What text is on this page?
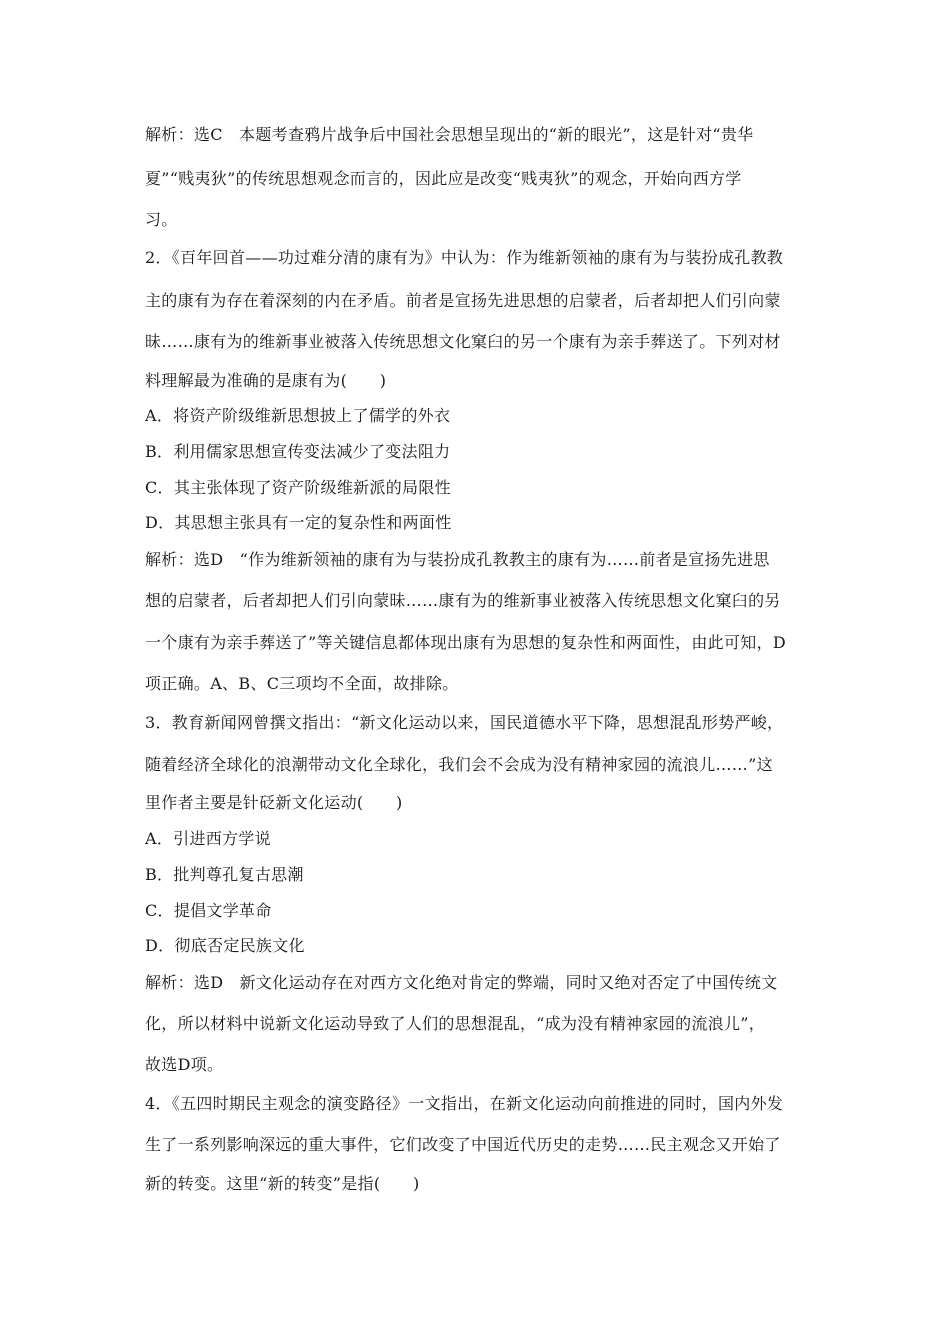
解析：选C　本题考查鸦片战争后中国社会思想呈现出的“新的眼光”，这是针对“贵华
夏”“贱夷狄”的传统思想观念而言的，因此应是改变“贱夷狄”的观念，开始向西方学
习。
2．《百年回首——功过难分清的康有为》中认为：作为维新领袖的康有为与装扮成孔教教
主的康有为存在着深刻的内在矛盾。前者是宣扬先进思想的启蒙者，后者却把人们引向蒙
昧……康有为的维新事业被落入传统思想文化窠臼的另一个康有为亲手葬送了。下列对材
料理解最为准确的是康有为(　　)
A．将资产阶级维新思想披上了儒学的外衣
B．利用儒家思想宣传变法减少了变法阻力
C．其主张体现了资产阶级维新派的局限性
D．其思想主张具有一定的复杂性和两面性
解析：选D　“作为维新领袖的康有为与装扮成孔教教主的康有为……前者是宣扬先进思
想的启蒙者，后者却把人们引向蒙昧……康有为的维新事业被落入传统思想文化窠臼的另
一个康有为亲手葬送了”等关键信息都体现出康有为思想的复杂性和两面性，由此可知，D
项正确。A、B、C三项均不全面，故排除。
3．教育新闻网曾撰文指出：“新文化运动以来，国民道德水平下降，思想混乱形势严峻，
随着经济全球化的浪潮带动文化全球化，我们会不会成为没有精神家园的流浪儿……”这
里作者主要是针砭新文化运动(　　)
A．引进西方学说
B．批判尊孔复古思潮
C．提倡文学革命
D．彻底否定民族文化
解析：选D　新文化运动存在对西方文化绝对肯定的弊端，同时又绝对否定了中国传统文
化，所以材料中说新文化运动导致了人们的思想混乱，“成为没有精神家园的流浪儿”，
故选D项。
4．《五四时期民主观念的演变路径》一文指出，在新文化运动向前推进的同时，国内外发
生了一系列影响深远的重大事件，它们改变了中国近代历史的走势……民主观念又开始了
新的转变。这里“新的转变”是指(　　)
